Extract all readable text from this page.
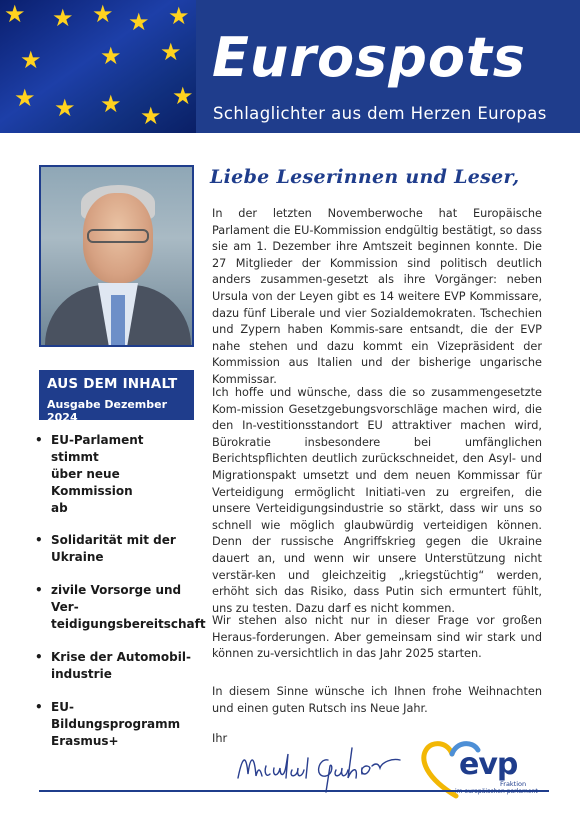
★ ★ ★ ★ ★
★ ★ ★
★ ★ ★ ★
★
Eurospots
Schlaglichter aus dem Herzen Europas
AUS DEM INHALT
Ausgabe Dezember 2024
• EU-Parlament stimmt
über neue Kommission
ab
• Solidarität mit der
Ukraine
• zivile Vorsorge und Ver-
teidigungsbereitschaft
• Krise der Automobil-
industrie
• EU-Bildungsprogramm
Erasmus+
Liebe Leserinnen und Leser,

In der letzten Novemberwoche hat Europäische Parlament die EU-Kommission endgültig bestätigt, so dass sie am 1. Dezember ihre Amtszeit beginnen konnte. Die 27 Mitglieder der Kommission sind politisch deutlich anders zusammen-gesetzt als ihre Vorgänger: neben Ursula von der Leyen gibt es 14 weitere EVP Kommissare, dazu fünf Liberale und vier Sozialdemokraten. Tschechien und Zypern haben Kommis-sare entsandt, die der EVP nahe stehen und dazu kommt ein Vizepräsident der Kommission aus Italien und der bisherige ungarische Kommissar.

Ich hoffe und wünsche, dass die so zusammengesetzte Kom-mission Gesetzgebungsvorschläge machen wird, die den In-vestitionsstandort EU attraktiver machen wird, Bürokratie insbesondere bei umfänglichen Berichtspflichten deutlich zurückschneidet, den Asyl- und Migrationspakt umsetzt und dem neuen Kommissar für Verteidigung ermöglicht Initiati-ven zu ergreifen, die unsere Verteidigungsindustrie so stärkt, dass wir uns so schnell wie möglich glaubwürdig verteidigen können. Denn der russische Angriffskrieg gegen die Ukraine dauert an, und wenn wir unsere Unterstützung nicht verstär-ken und gleichzeitig „kriegstüchtig“ werden, erhöht sich das Risiko, dass Putin sich ermuntert fühlt, uns zu testen. Dazu darf es nicht kommen.

Wir stehen also nicht nur in dieser Frage vor großen Heraus-forderungen. Aber gemeinsam sind wir stark und können zu-versichtlich in das Jahr 2025 starten.

In diesem Sinne wünsche ich Ihnen frohe Weihnachten und einen guten Rutsch ins Neue Jahr.

Ihr
evp
Fraktion
